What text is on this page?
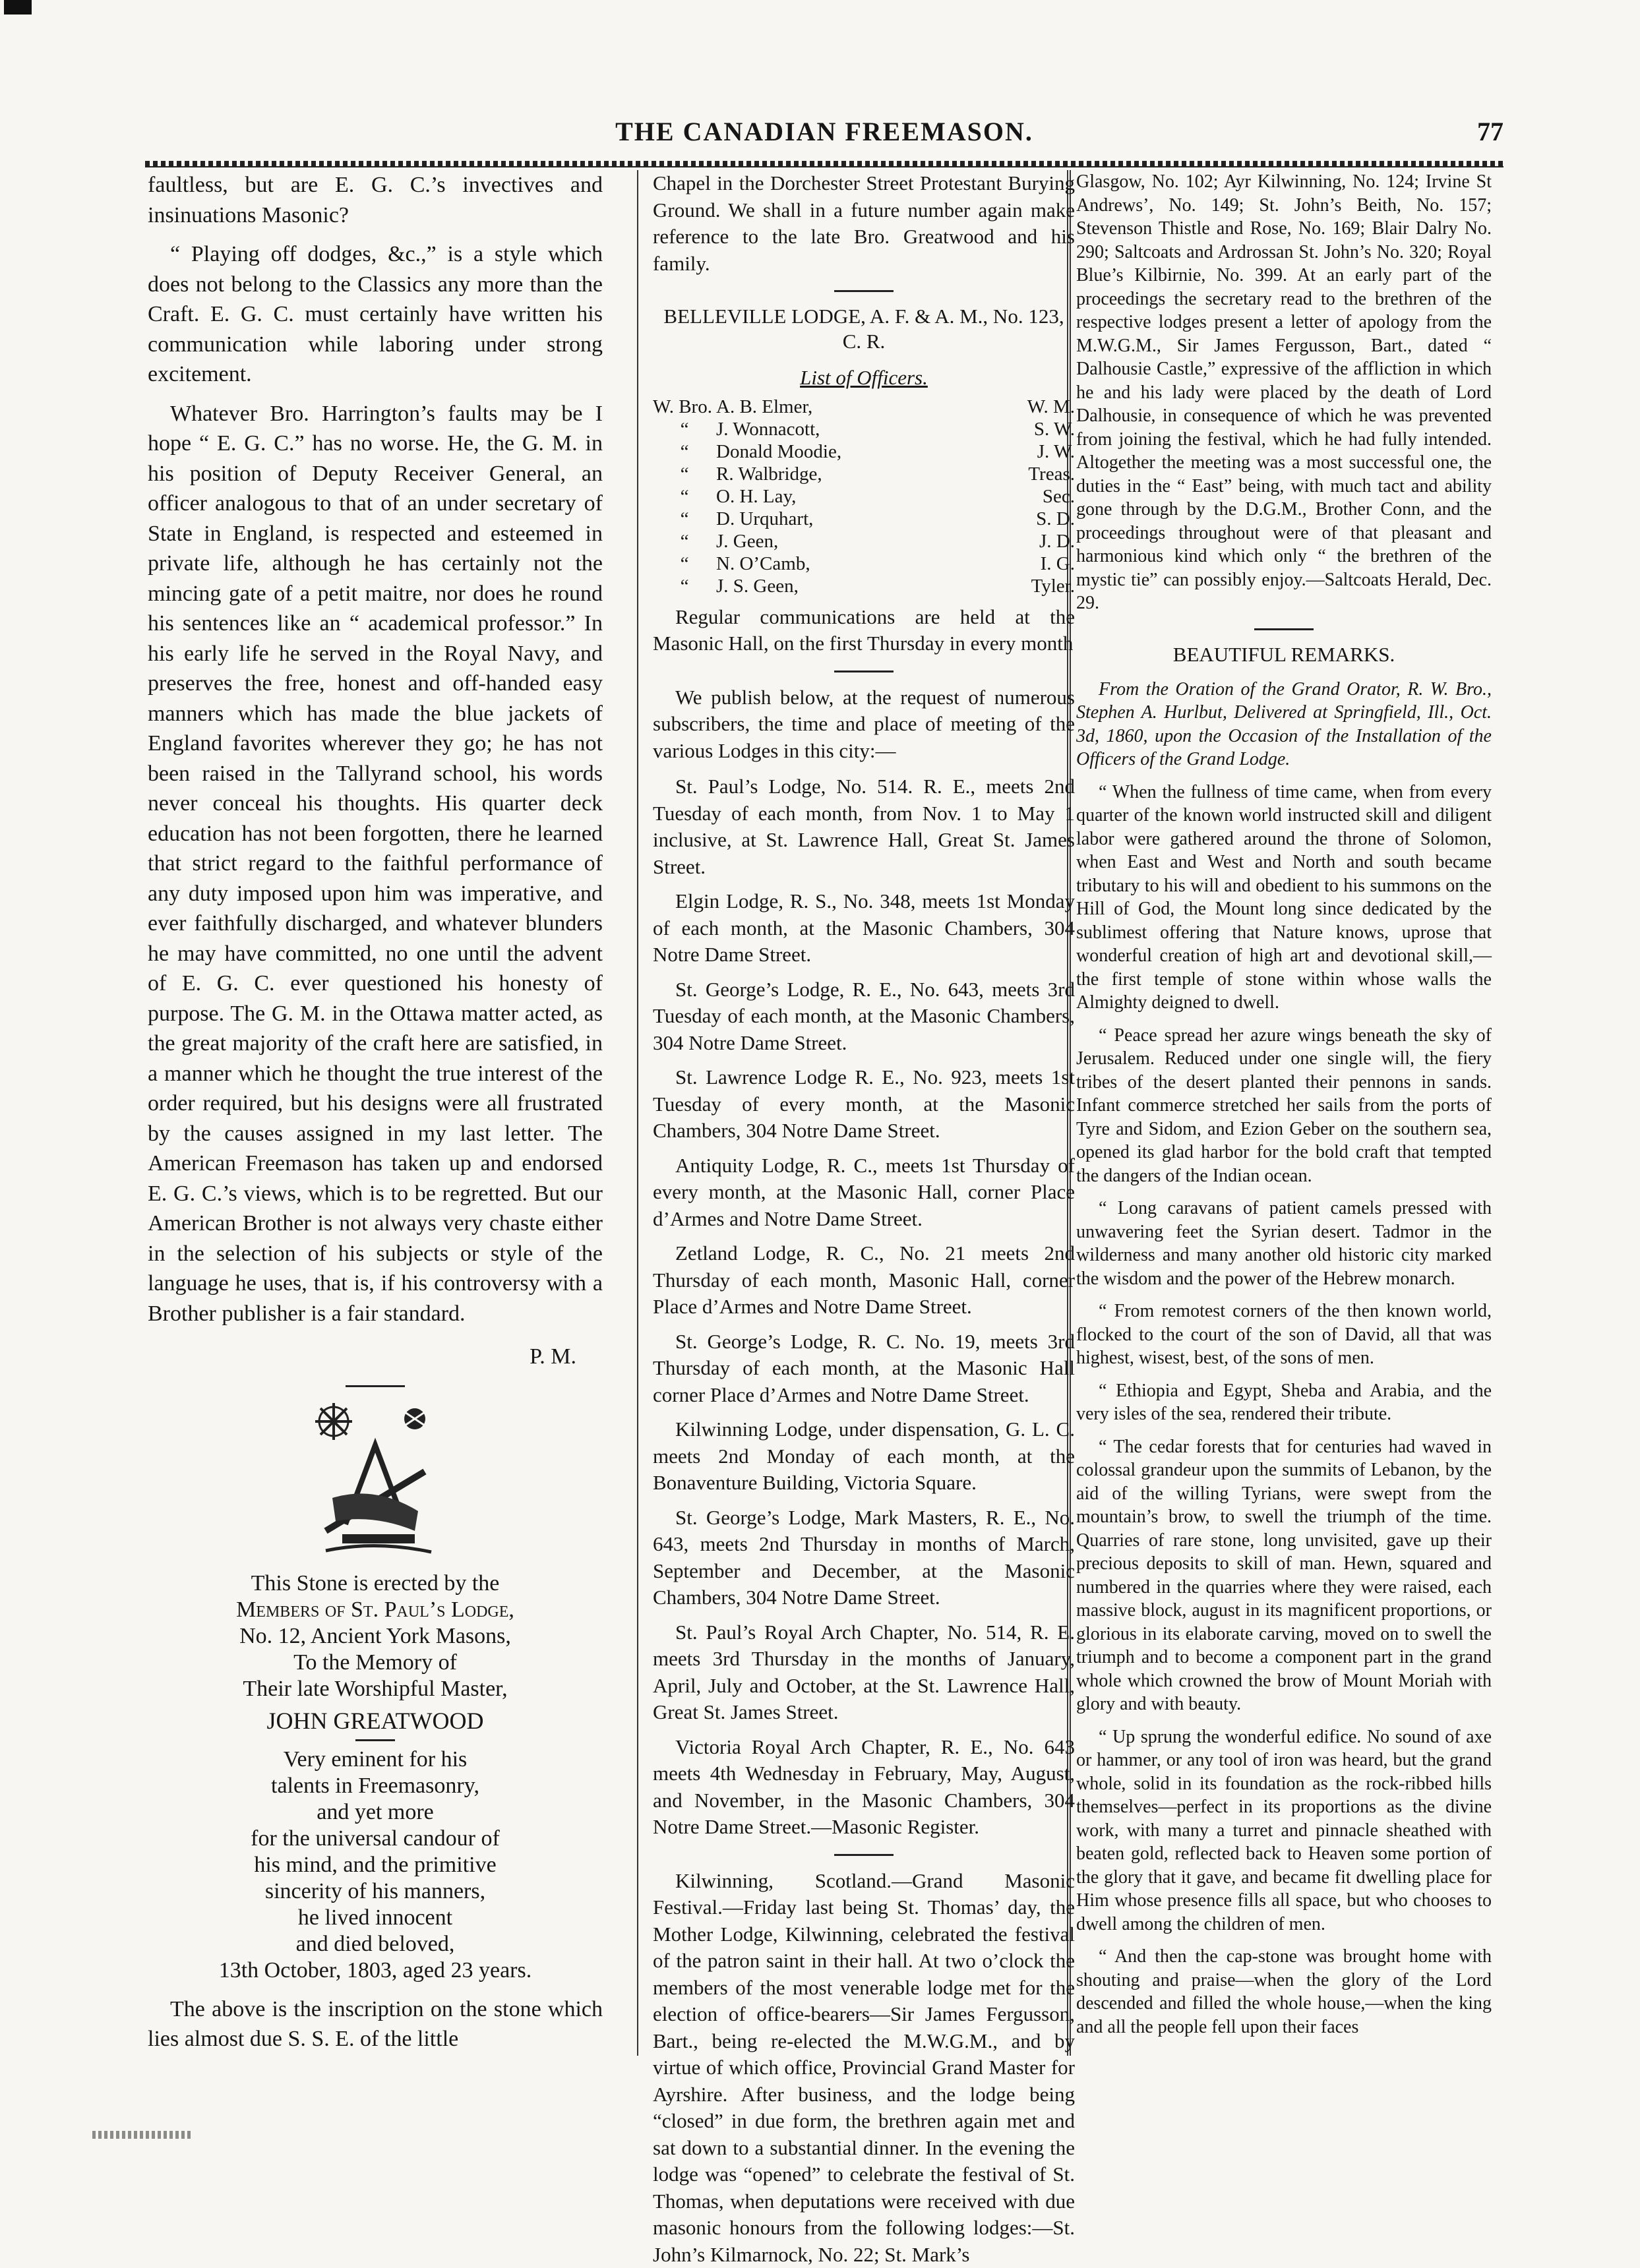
THE CANADIAN FREEMASON.	77

faultless, but are E. G. C.’s invectives and insinuations Masonic?

“ Playing off dodges, &c.,” is a style which does not belong to the Classics any more than the Craft. E. G. C. must certainly have written his communication while laboring under strong excitement.

Whatever Bro. Harrington’s faults may be I hope “ E. G. C.” has no worse. He, the G. M. in his position of Deputy Receiver General, an officer analogous to that of an under secretary of State in England, is respected and esteemed in private life, although he has certainly not the mincing gate of a petit maitre, nor does he round his sentences like an “ academical professor.” In his early life he served in the Royal Navy, and preserves the free, honest and off-handed easy manners which has made the blue jackets of England favorites wherever they go; he has not been raised in the Tallyrand school, his words never conceal his thoughts. His quarter deck education has not been forgotten, there he learned that strict regard to the faithful performance of any duty imposed upon him was imperative, and ever faithfully discharged, and whatever blunders he may have committed, no one until the advent of E. G. C. ever questioned his honesty of purpose. The G. M. in the Ottawa matter acted, as the great majority of the craft here are satisfied, in a manner which he thought the true interest of the order required, but his designs were all frustrated by the causes assigned in my last letter. The American Freemason has taken up and endorsed E. G. C.’s views, which is to be regretted. But our American Brother is not always very chaste either in the selection of his subjects or style of the language he uses, that is, if his controversy with a Brother publisher is a fair standard.

P. M.
This Stone is erected by the
Members of St. Paul’s Lodge,
No. 12, Ancient York Masons,
To the Memory of
Their late Worshipful Master,
JOHN GREATWOOD
Very eminent for his
talents in Freemasonry,
and yet more
for the universal candour of
his mind, and the primitive
sincerity of his manners,
he lived innocent
and died beloved,
13th October, 1803, aged 23 years.

The above is the inscription on the stone which lies almost due S. S. E. of the little

Chapel in the Dorchester Street Protestant Burying Ground. We shall in a future number again make reference to the late Bro. Greatwood and his family.

BELLEVILLE LODGE, A. F. & A. M., No. 123, C. R.
List of Officers.
W. Bro.	A. B. Elmer,	W. M.
“	J. Wonnacott,	S. W.
“	Donald Moodie,	J. W.
“	R. Walbridge,	Treas.
“	O. H. Lay,	Sec.
“	D. Urquhart,	S. D.
“	J. Geen,	J. D.
“	N. O’Camb,	I. G.
“	J. S. Geen,	Tyler.

Regular communications are held at the Masonic Hall, on the first Thursday in every month

We publish below, at the request of numerous subscribers, the time and place of meeting of the various Lodges in this city:—

St. Paul’s Lodge, No. 514. R. E., meets 2nd Tuesday of each month, from Nov. 1 to May 1 inclusive, at St. Lawrence Hall, Great St. James Street.

Elgin Lodge, R. S., No. 348, meets 1st Monday of each month, at the Masonic Chambers, 304 Notre Dame Street.

St. George’s Lodge, R. E., No. 643, meets 3rd Tuesday of each month, at the Masonic Chambers, 304 Notre Dame Street.

St. Lawrence Lodge R. E., No. 923, meets 1st Tuesday of every month, at the Masonic Chambers, 304 Notre Dame Street.

Antiquity Lodge, R. C., meets 1st Thursday of every month, at the Masonic Hall, corner Place d’Armes and Notre Dame Street.

Zetland Lodge, R. C., No. 21 meets 2nd Thursday of each month, Masonic Hall, corner Place d’Armes and Notre Dame Street.

St. George’s Lodge, R. C. No. 19, meets 3rd Thursday of each month, at the Masonic Hall corner Place d’Armes and Notre Dame Street.

Kilwinning Lodge, under dispensation, G. L. C. meets 2nd Monday of each month, at the Bonaventure Building, Victoria Square.

St. George’s Lodge, Mark Masters, R. E., No. 643, meets 2nd Thursday in months of March, September and December, at the Masonic Chambers, 304 Notre Dame Street.

St. Paul’s Royal Arch Chapter, No. 514, R. E. meets 3rd Thursday in the months of January, April, July and October, at the St. Lawrence Hall, Great St. James Street.

Victoria Royal Arch Chapter, R. E., No. 643 meets 4th Wednesday in February, May, August, and November, in the Masonic Chambers, 304 Notre Dame Street.—Masonic Register.

Kilwinning, Scotland.—Grand Masonic Festival.—Friday last being St. Thomas’ day, the Mother Lodge, Kilwinning, celebrated the festival of the patron saint in their hall. At two o’clock the members of the most venerable lodge met for the election of office-bearers—Sir James Fergusson, Bart., being re-elected the M.W.G.M., and by virtue of which office, Provincial Grand Master for Ayrshire. After business, and the lodge being “closed” in due form, the brethren again met and sat down to a substantial dinner. In the evening the lodge was “opened” to celebrate the festival of St. Thomas, when deputations were received with due masonic honours from the following lodges:—St. John’s Kilmarnock, No. 22; St. Mark’s

Glasgow, No. 102; Ayr Kilwinning, No. 124; Irvine St Andrews’, No. 149; St. John’s Beith, No. 157; Stevenson Thistle and Rose, No. 169; Blair Dalry No. 290; Saltcoats and Ardrossan St. John’s No. 320; Royal Blue’s Kilbirnie, No. 399. At an early part of the proceedings the secretary read to the brethren of the respective lodges present a letter of apology from the M.W.G.M., Sir James Fergusson, Bart., dated “ Dalhousie Castle,” expressive of the affliction in which he and his lady were placed by the death of Lord Dalhousie, in consequence of which he was prevented from joining the festival, which he had fully intended. Altogether the meeting was a most successful one, the duties in the “ East” being, with much tact and ability gone through by the D.G.M., Brother Conn, and the proceedings throughout were of that pleasant and harmonious kind which only “ the brethren of the mystic tie” can possibly enjoy.—Saltcoats Herald, Dec. 29.

BEAUTIFUL REMARKS.

From the Oration of the Grand Orator, R. W. Bro., Stephen A. Hurlbut, Delivered at Springfield, Ill., Oct. 3d, 1860, upon the Occasion of the Installation of the Officers of the Grand Lodge.

“ When the fullness of time came, when from every quarter of the known world instructed skill and diligent labor were gathered around the throne of Solomon, when East and West and North and south became tributary to his will and obedient to his summons on the Hill of God, the Mount long since dedicated by the sublimest offering that Nature knows, uprose that wonderful creation of high art and devotional skill,—the first temple of stone within whose walls the Almighty deigned to dwell.

“ Peace spread her azure wings beneath the sky of Jerusalem. Reduced under one single will, the fiery tribes of the desert planted their pennons in sands. Infant commerce stretched her sails from the ports of Tyre and Sidom, and Ezion Geber on the southern sea, opened its glad harbor for the bold craft that tempted the dangers of the Indian ocean.

“ Long caravans of patient camels pressed with unwavering feet the Syrian desert. Tadmor in the wilderness and many another old historic city marked the wisdom and the power of the Hebrew monarch.

“ From remotest corners of the then known world, flocked to the court of the son of David, all that was highest, wisest, best, of the sons of men.

“ Ethiopia and Egypt, Sheba and Arabia, and the very isles of the sea, rendered their tribute.

“ The cedar forests that for centuries had waved in colossal grandeur upon the summits of Lebanon, by the aid of the willing Tyrians, were swept from the mountain’s brow, to swell the triumph of the time. Quarries of rare stone, long unvisited, gave up their precious deposits to skill of man. Hewn, squared and numbered in the quarries where they were raised, each massive block, august in its magnificent proportions, or glorious in its elaborate carving, moved on to swell the triumph and to become a component part in the grand whole which crowned the brow of Mount Moriah with glory and with beauty.

“ Up sprung the wonderful edifice. No sound of axe or hammer, or any tool of iron was heard, but the grand whole, solid in its foundation as the rock-ribbed hills themselves—perfect in its proportions as the divine work, with many a turret and pinnacle sheathed with beaten gold, reflected back to Heaven some portion of the glory that it gave, and became fit dwelling place for Him whose presence fills all space, but who chooses to dwell among the children of men.

“ And then the cap-stone was brought home with shouting and praise—when the glory of the Lord descended and filled the whole house,—when the king and all the people fell upon their faces
